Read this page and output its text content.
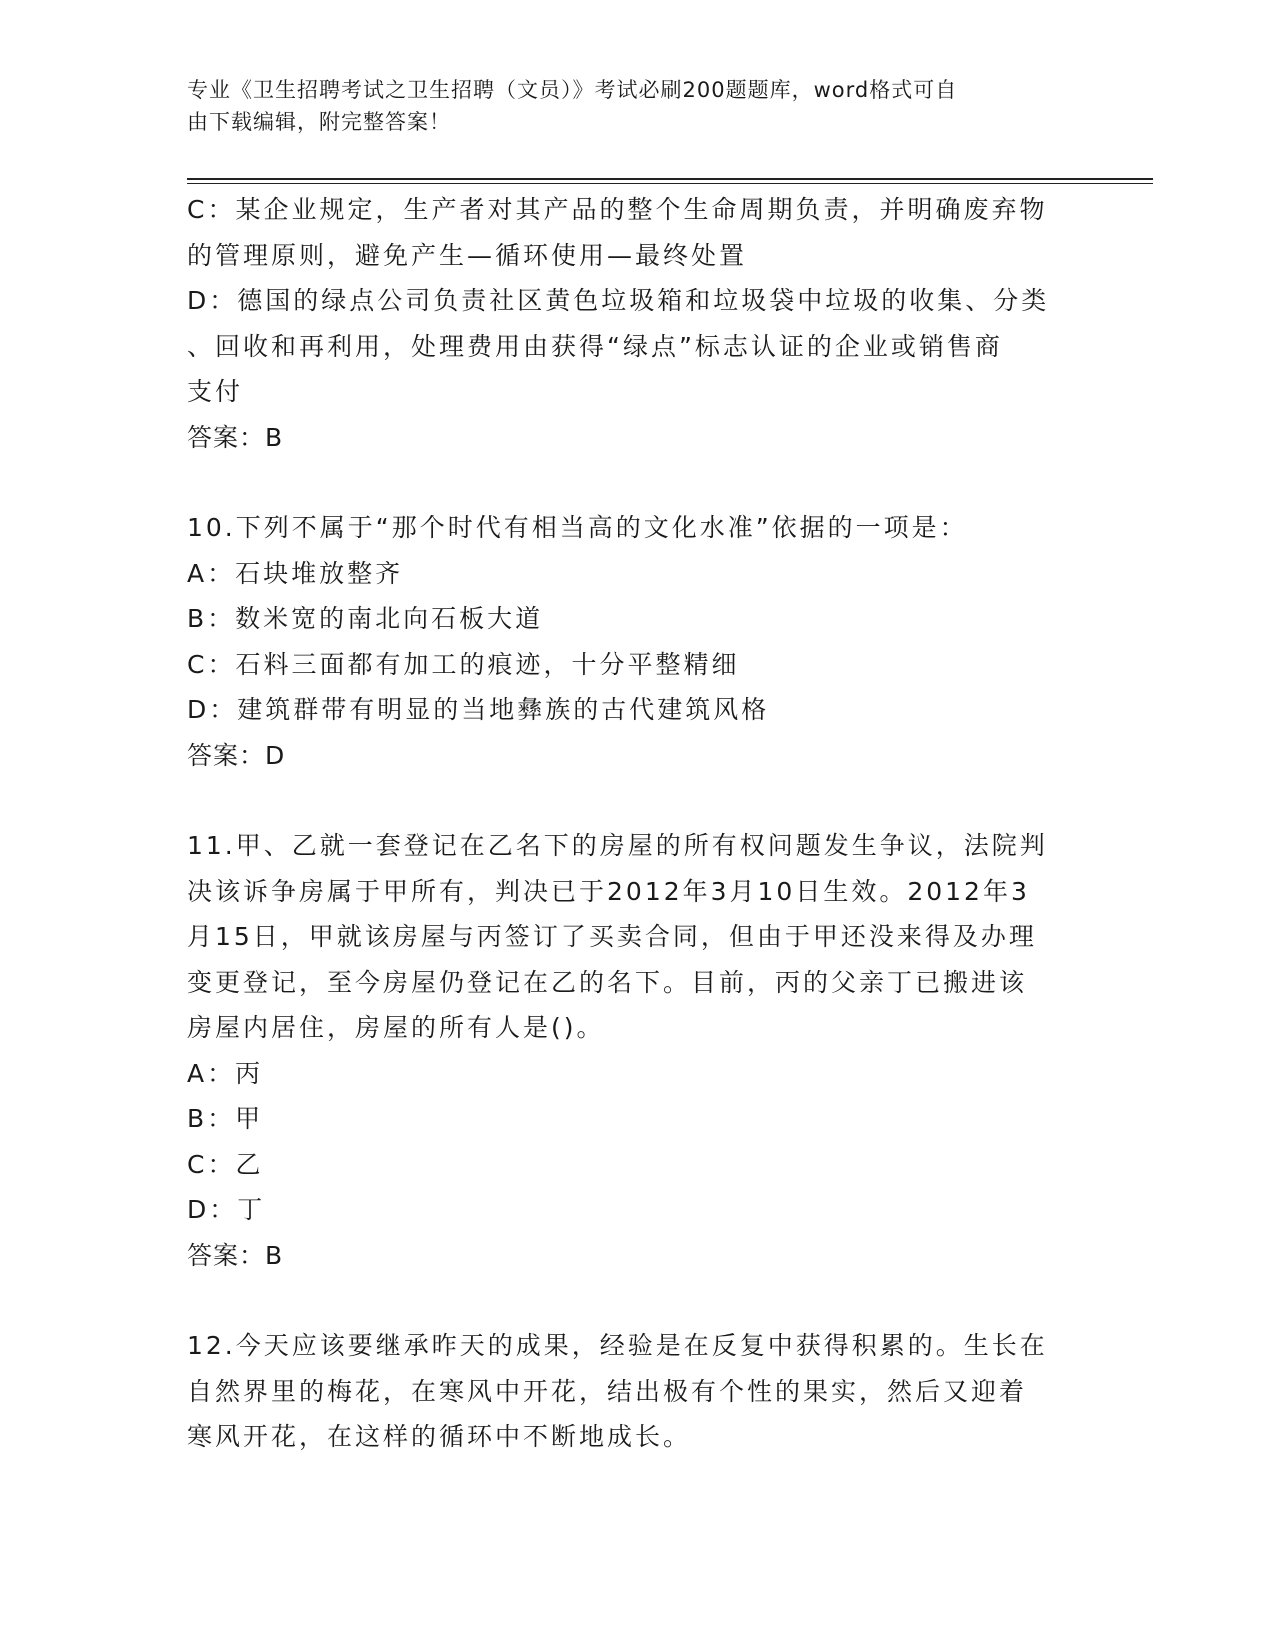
专业《卫生招聘考试之卫生招聘（文员）》考试必刷200题题库，word格式可自
由下载编辑，附完整答案！
C：某企业规定，生产者对其产品的整个生命周期负责，并明确废弃物
的管理原则，避免产生—循环使用—最终处置
D：德国的绿点公司负责社区黄色垃圾箱和垃圾袋中垃圾的收集、分类
、回收和再利用，处理费用由获得“绿点”标志认证的企业或销售商
支付
答案：B
10.下列不属于“那个时代有相当高的文化水准”依据的一项是：
A：石块堆放整齐
B：数米宽的南北向石板大道
C：石料三面都有加工的痕迹，十分平整精细
D：建筑群带有明显的当地彝族的古代建筑风格
答案：D
11.甲、乙就一套登记在乙名下的房屋的所有权问题发生争议，法院判
决该诉争房属于甲所有，判决已于2012年3月10日生效。2012年3
月15日，甲就该房屋与丙签订了买卖合同，但由于甲还没来得及办理
变更登记，至今房屋仍登记在乙的名下。目前，丙的父亲丁已搬进该
房屋内居住，房屋的所有人是()。
A：丙
B：甲
C：乙
D：丁
答案：B
12.今天应该要继承昨天的成果，经验是在反复中获得积累的。生长在
自然界里的梅花，在寒风中开花，结出极有个性的果实，然后又迎着
寒风开花，在这样的循环中不断地成长。
